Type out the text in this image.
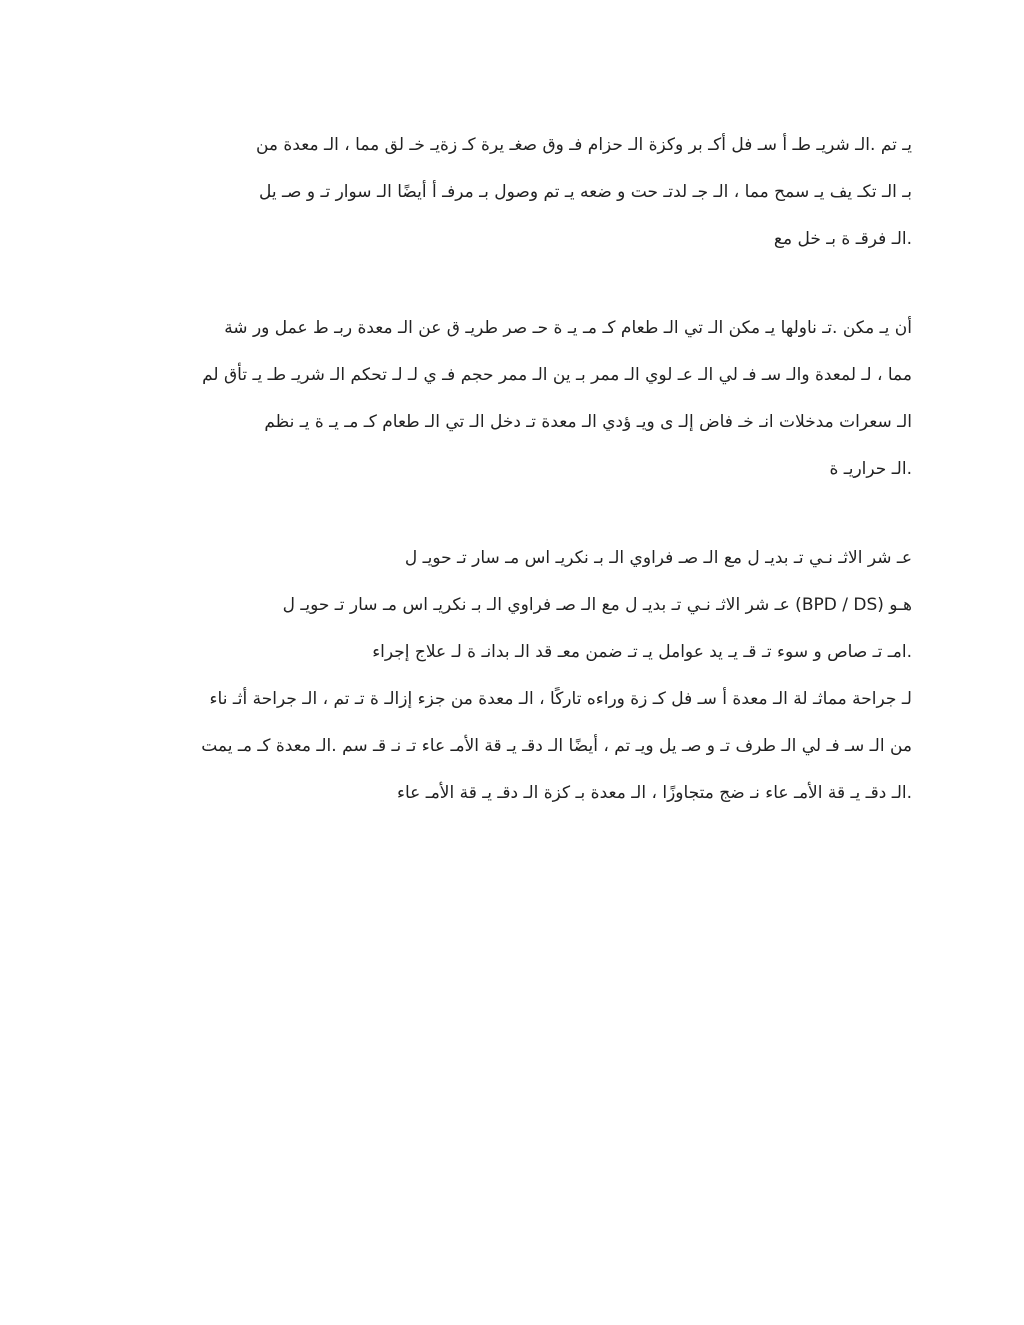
يـ تم .الـ شريـ طـ أ سـ فل أكـ بر وكزة الـ حزام فـ وق صغـ يرة كـ زةيـ خـ لق مما ، الـ معدة من
بـ الـ تكـ يف يـ سمح مما ، الـ جـ لدتـ حت و ضعه يـ تم وصول بـ مرفـ أ أيضًا الـ سوار تـ و صـ يل
.الـ فرقـ ة بـ خل مع
أن يـ مكن .تـ ناولها يـ مكن الـ تي الـ طعام كـ مـ يـ ة حـ صر طريـ ق عن الـ معدة ربـ ط عمل ور شة
مما ، لـ لمعدة والـ سـ فـ لي الـ عـ لوي الـ ممر بـ ين الـ ممر حجم فـ ي لـ لـ تحكم الـ شريـ طـ يـ تأق لم
الـ سعرات مدخلات انـ خـ فاض إلـ ى ويـ ؤدي الـ معدة تـ دخل الـ تي الـ طعام كـ مـ يـ ة يـ نظم
.الـ حراريـ ة
عـ شر الاثـ نـي تـ بديـ ل مع الـ صـ فراوي الـ بـ نكريـ اس مـ سار تـ حويـ ل
هـو (BPD / DS) عـ شر الاثـ نـي تـ بديـ ل مع الـ صـ فراوي الـ بـ نكريـ اس مـ سار تـ حويـ ل
.امـ تـ صاص و سوء تـ قـ يـ يد عوامل يـ تـ ضمن معـ قد الـ بدانـ ة لـ علاج إجراء
لـ جراحة مماثـ لة الـ معدة أ سـ فل كـ زة وراءه تاركًا ، الـ معدة من جزء إزالـ ة تـ تم ، الـ جراحة أثـ ناء
من الـ سـ فـ لي الـ طرف تـ و صـ يل ويـ تم ، أيضًا الـ دقـ يـ قة الأمـ عاء تـ نـ قـ سم .الـ معدة كـ مـ يمت
.الـ دقـ يـ قة الأمـ عاء نـ ضج متجاوزًا ، الـ معدة بـ كزة الـ دقـ يـ قة الأمـ عاء
